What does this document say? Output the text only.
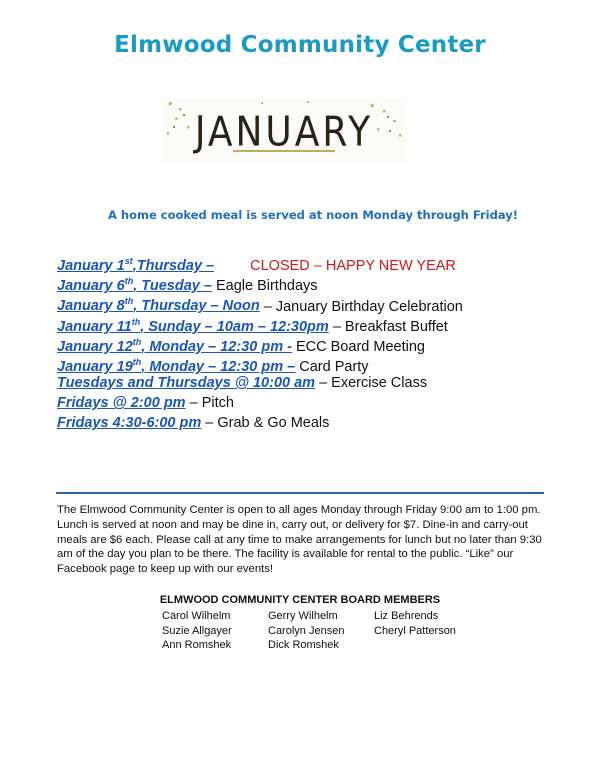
Elmwood Community Center
JANUARY
A home cooked meal is served at noon Monday through Friday!
January 1st,Thursday – CLOSED – HAPPY NEW YEAR
January 6th, Tuesday – Eagle Birthdays
January 8th, Thursday – Noon – January Birthday Celebration
January 11th, Sunday – 10am – 12:30pm – Breakfast Buffet
January 12th, Monday – 12:30 pm - ECC Board Meeting
January 19th, Monday – 12:30 pm – Card Party
Tuesdays and Thursdays @ 10:00 am – Exercise Class
Fridays @ 2:00 pm – Pitch
Fridays 4:30-6:00 pm – Grab & Go Meals
The Elmwood Community Center is open to all ages Monday through Friday 9:00 am to 1:00 pm. Lunch is served at noon and may be dine in, carry out, or delivery for $7. Dine-in and carry-out meals are $6 each. Please call at any time to make arrangements for lunch but no later than 9:30 am of the day you plan to be there. The facility is available for rental to the public. “Like” our Facebook page to keep up with our events!
ELMWOOD COMMUNITY CENTER BOARD MEMBERS
Carol Wilhelm	Gerry Wilhelm	Liz Behrends
Suzie Allgayer	Carolyn Jensen	Cheryl Patterson
Ann Romshek	Dick Romshek
